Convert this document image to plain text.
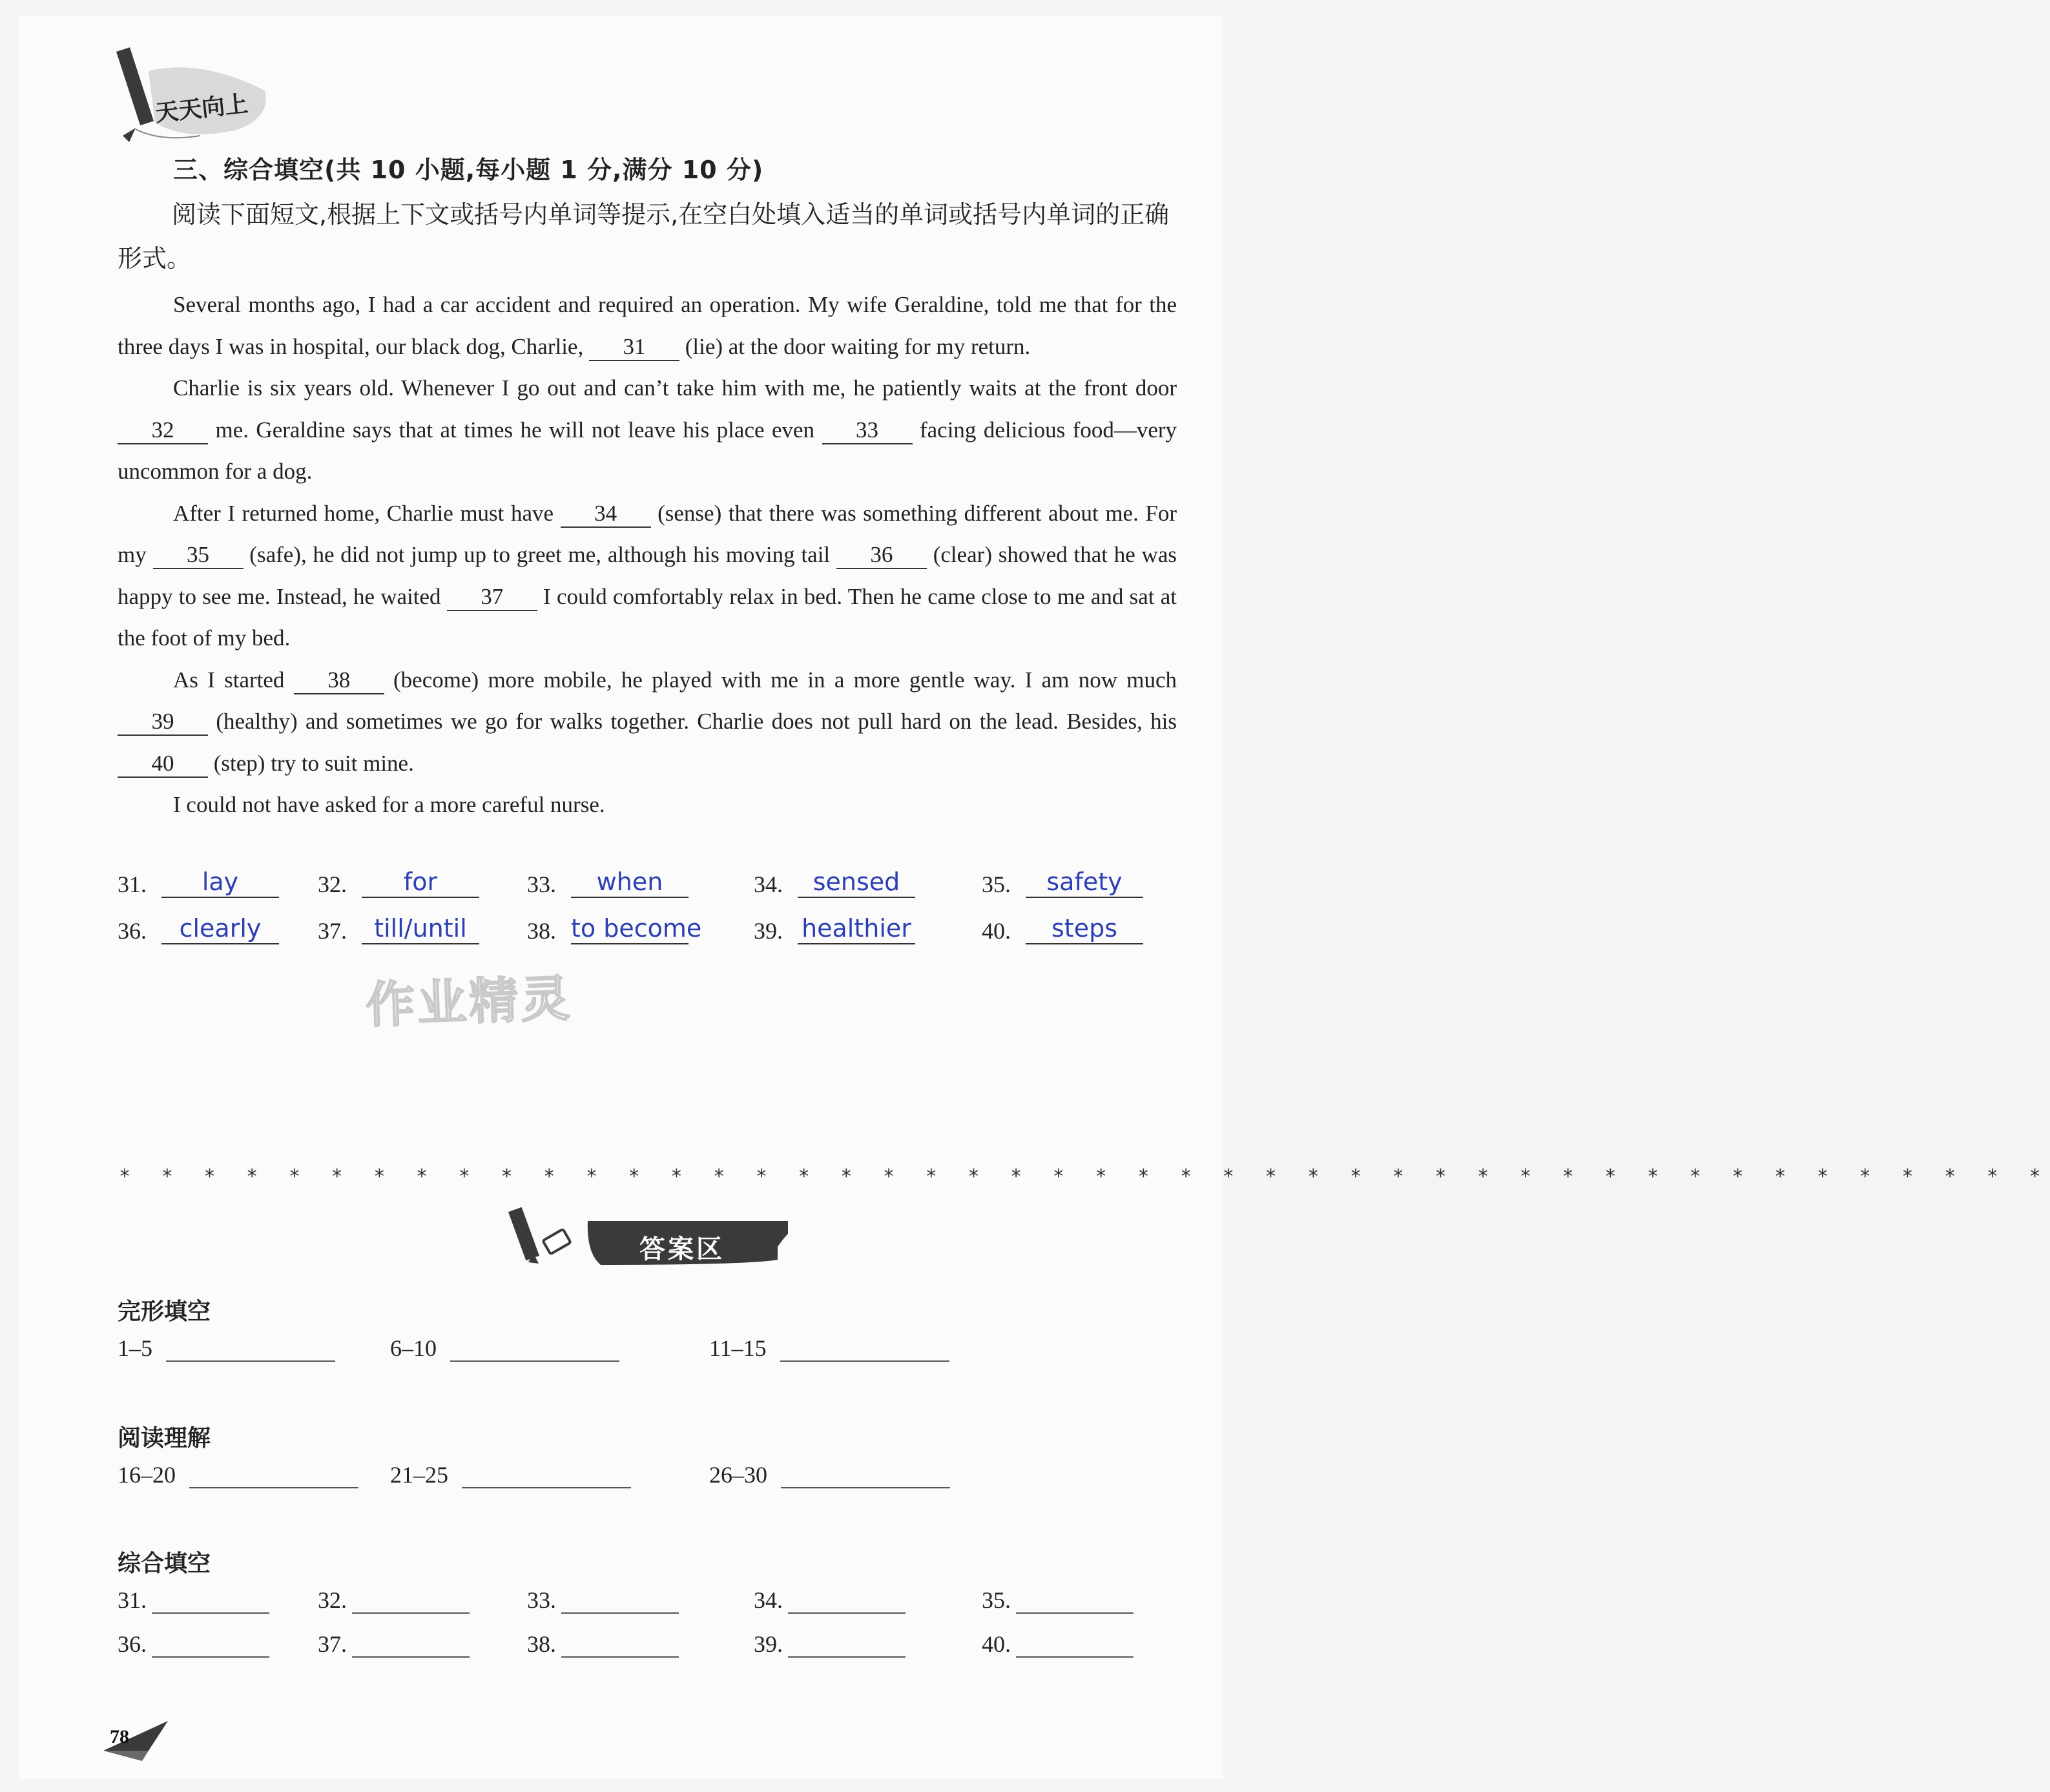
天天向上
三、综合填空(共 10 小题,每小题 1 分,满分 10 分)
阅读下面短文,根据上下文或括号内单词等提示,在空白处填入适当的单词或括号内单词的正确形式。

Several months ago, I had a car accident and required an operation. My wife Geraldine, told me that for the three days I was in hospital, our black dog, Charlie, 31 (lie) at the door waiting for my return.

Charlie is six years old. Whenever I go out and can’t take him with me, he patiently waits at the front door 32 me. Geraldine says that at times he will not leave his place even 33 facing delicious food—very uncommon for a dog.

After I returned home, Charlie must have 34 (sense) that there was something different about me. For my 35 (safe), he did not jump up to greet me, although his moving tail 36 (clear) showed that he was happy to see me. Instead, he waited 37 I could comfortably relax in bed. Then he came close to me and sat at the foot of my bed.

As I started 38 (become) more mobile, he played with me in a more gentle way. I am now much 39 (healthy) and sometimes we go for walks together. Charlie does not pull hard on the lead. Besides, his 40 (step) try to suit mine.

I could not have asked for a more careful nurse.

31. lay	32. for	33. when	34. sensed	35. safety
36. clearly	37. till/until	38. to become 39. healthier	40. steps
作业精灵
* * * * * * * * * * * * * * * * * * * * * * * * * * * * * * * * * * * * * * * * * * * * * *
答案区
完形填空
1–5	6–10	11–15
阅读理解
16–20	21–25	26–30
综合填空
31.	32.	33.	34.	35.
36.	37.	38.	39.	40.
78
